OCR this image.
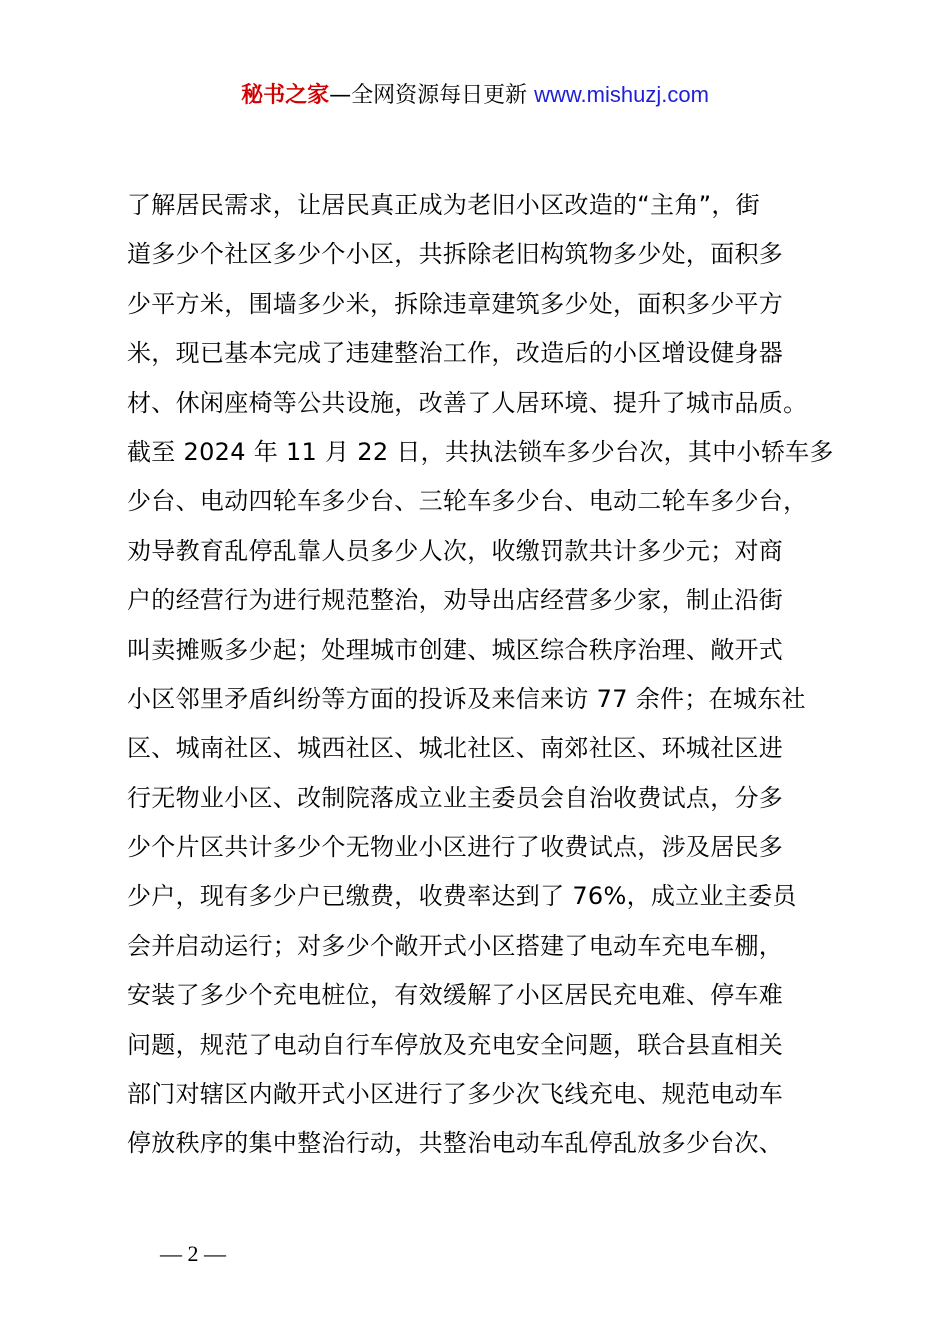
秘书之家—全网资源每日更新 www.mishuzj.com
了解居民需求，让居民真正成为老旧小区改造的“主角”，街
道多少个社区多少个小区，共拆除老旧构筑物多少处，面积多
少平方米，围墙多少米，拆除违章建筑多少处，面积多少平方
米，现已基本完成了违建整治工作，改造后的小区增设健身器
材、休闲座椅等公共设施，改善了人居环境、提升了城市品质。
截至 2024 年 11 月 22 日，共执法锁车多少台次，其中小轿车多
少台、电动四轮车多少台、三轮车多少台、电动二轮车多少台，
劝导教育乱停乱靠人员多少人次，收缴罚款共计多少元；对商
户的经营行为进行规范整治，劝导出店经营多少家，制止沿街
叫卖摊贩多少起；处理城市创建、城区综合秩序治理、敞开式
小区邻里矛盾纠纷等方面的投诉及来信来访 77 余件；在城东社
区、城南社区、城西社区、城北社区、南郊社区、环城社区进
行无物业小区、改制院落成立业主委员会自治收费试点，分多
少个片区共计多少个无物业小区进行了收费试点，涉及居民多
少户，现有多少户已缴费，收费率达到了 76%，成立业主委员
会并启动运行；对多少个敞开式小区搭建了电动车充电车棚，
安装了多少个充电桩位，有效缓解了小区居民充电难、停车难
问题，规范了电动自行车停放及充电安全问题，联合县直相关
部门对辖区内敞开式小区进行了多少次飞线充电、规范电动车
停放秩序的集中整治行动，共整治电动车乱停乱放多少台次、
— 2 —
